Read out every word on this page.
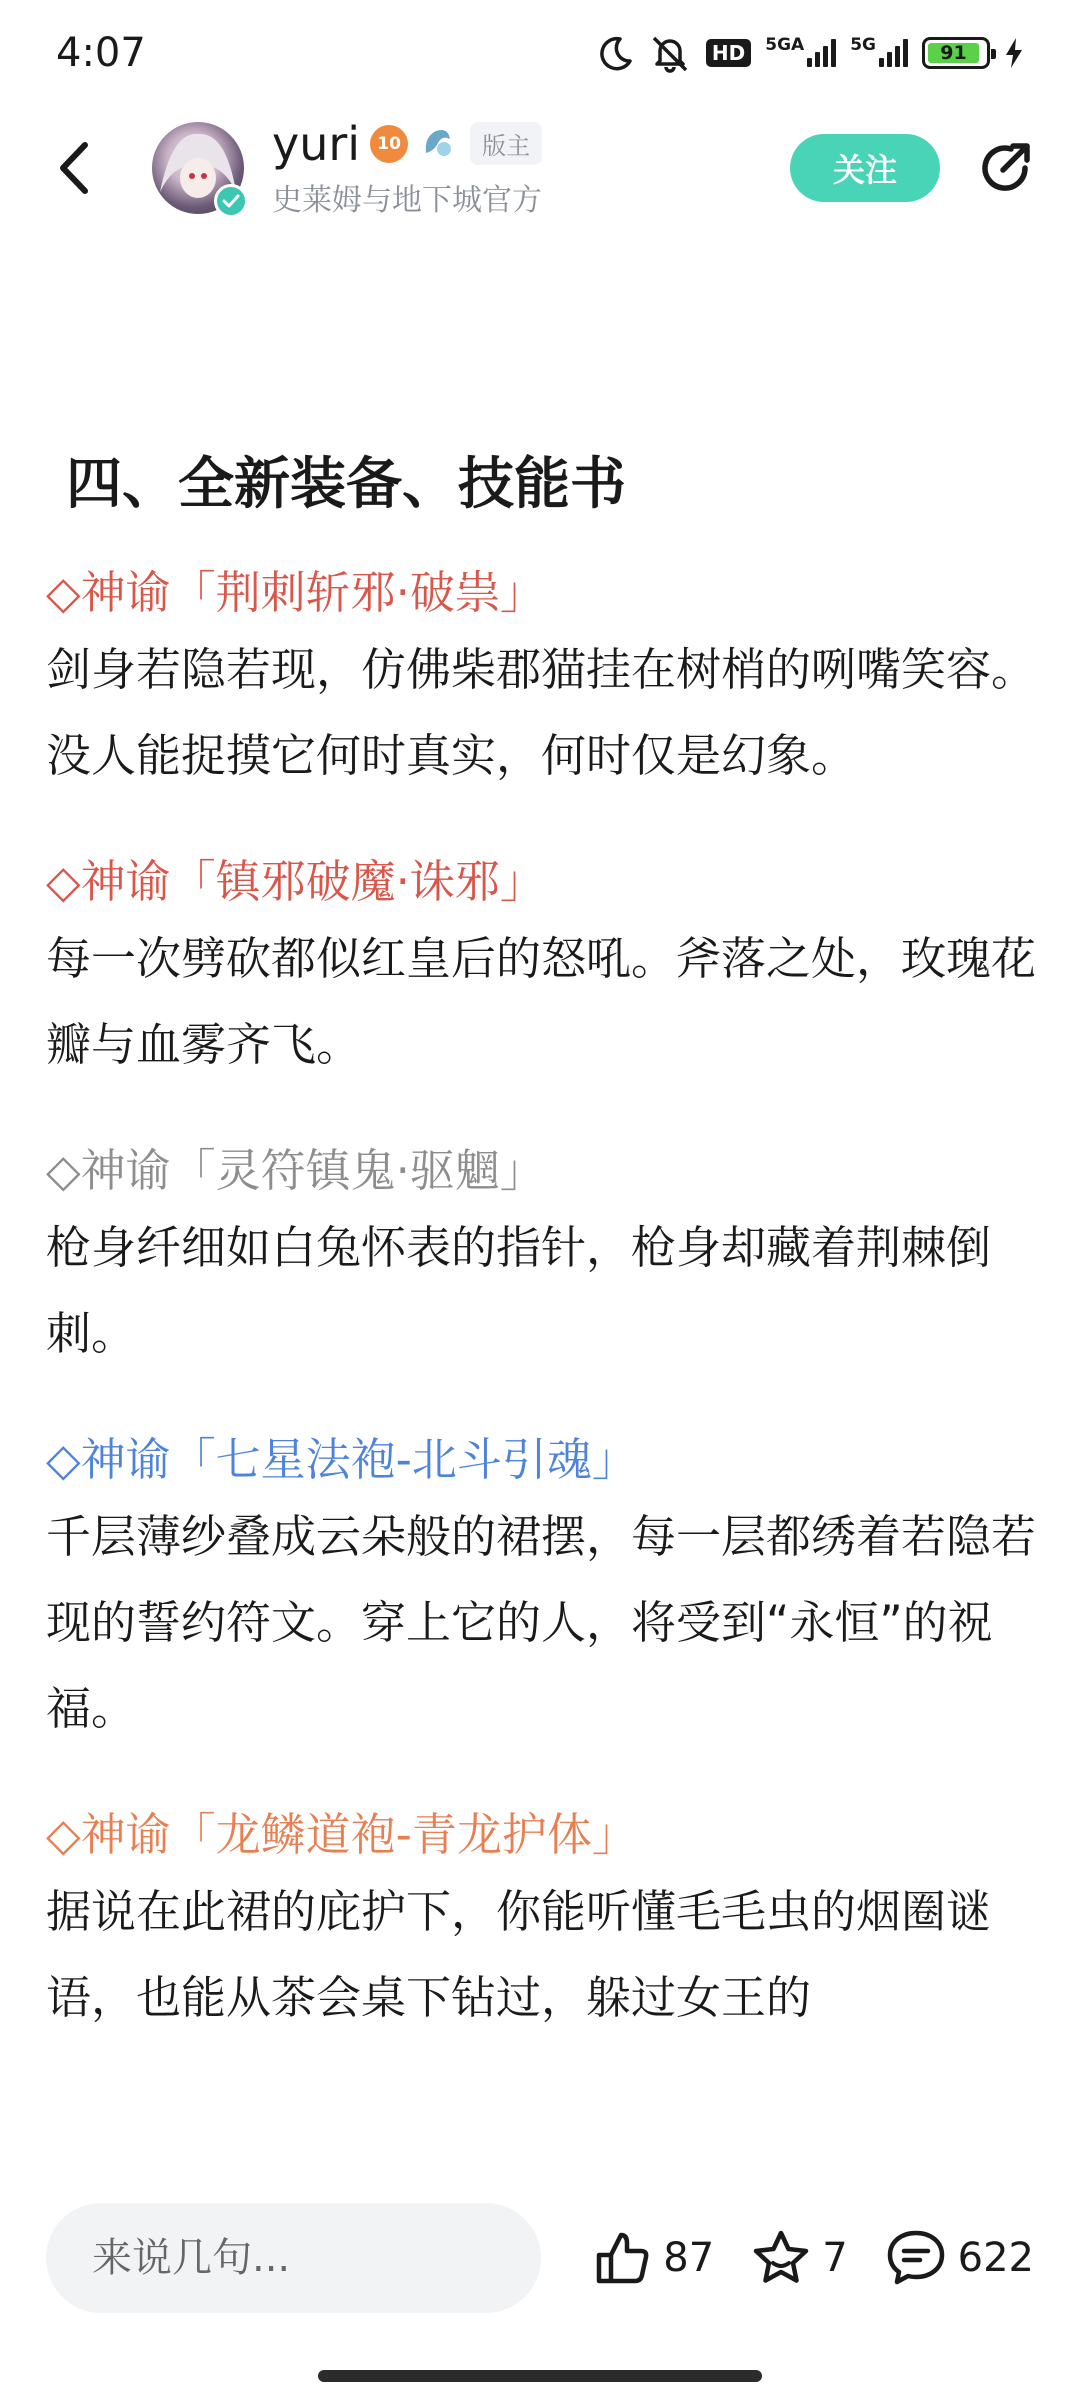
4:07	HD	5GA	5G	91
yuri	10	版主
史莱姆与地下城官方
关注
四、全新装备、技能书
◇神谕「荆刺斩邪·破祟」
剑身若隐若现，仿佛柴郡猫挂在树梢的咧嘴笑容。没人能捉摸它何时真实，何时仅是幻象。
◇神谕「镇邪破魔·诛邪」
每一次劈砍都似红皇后的怒吼。斧落之处，玫瑰花瓣与血雾齐飞。
◇神谕「灵符镇鬼·驱魍」
枪身纤细如白兔怀表的指针，枪身却藏着荆棘倒刺。
◇神谕「七星法袍-北斗引魂」
千层薄纱叠成云朵般的裙摆，每一层都绣着若隐若现的誓约符文。穿上它的人，将受到“永恒”的祝福。
◇神谕「龙鳞道袍-青龙护体」
据说在此裙的庇护下，你能听懂毛毛虫的烟圈谜语，也能从茶会桌下钻过，躲过女王的
来说几句...
87	7	622
